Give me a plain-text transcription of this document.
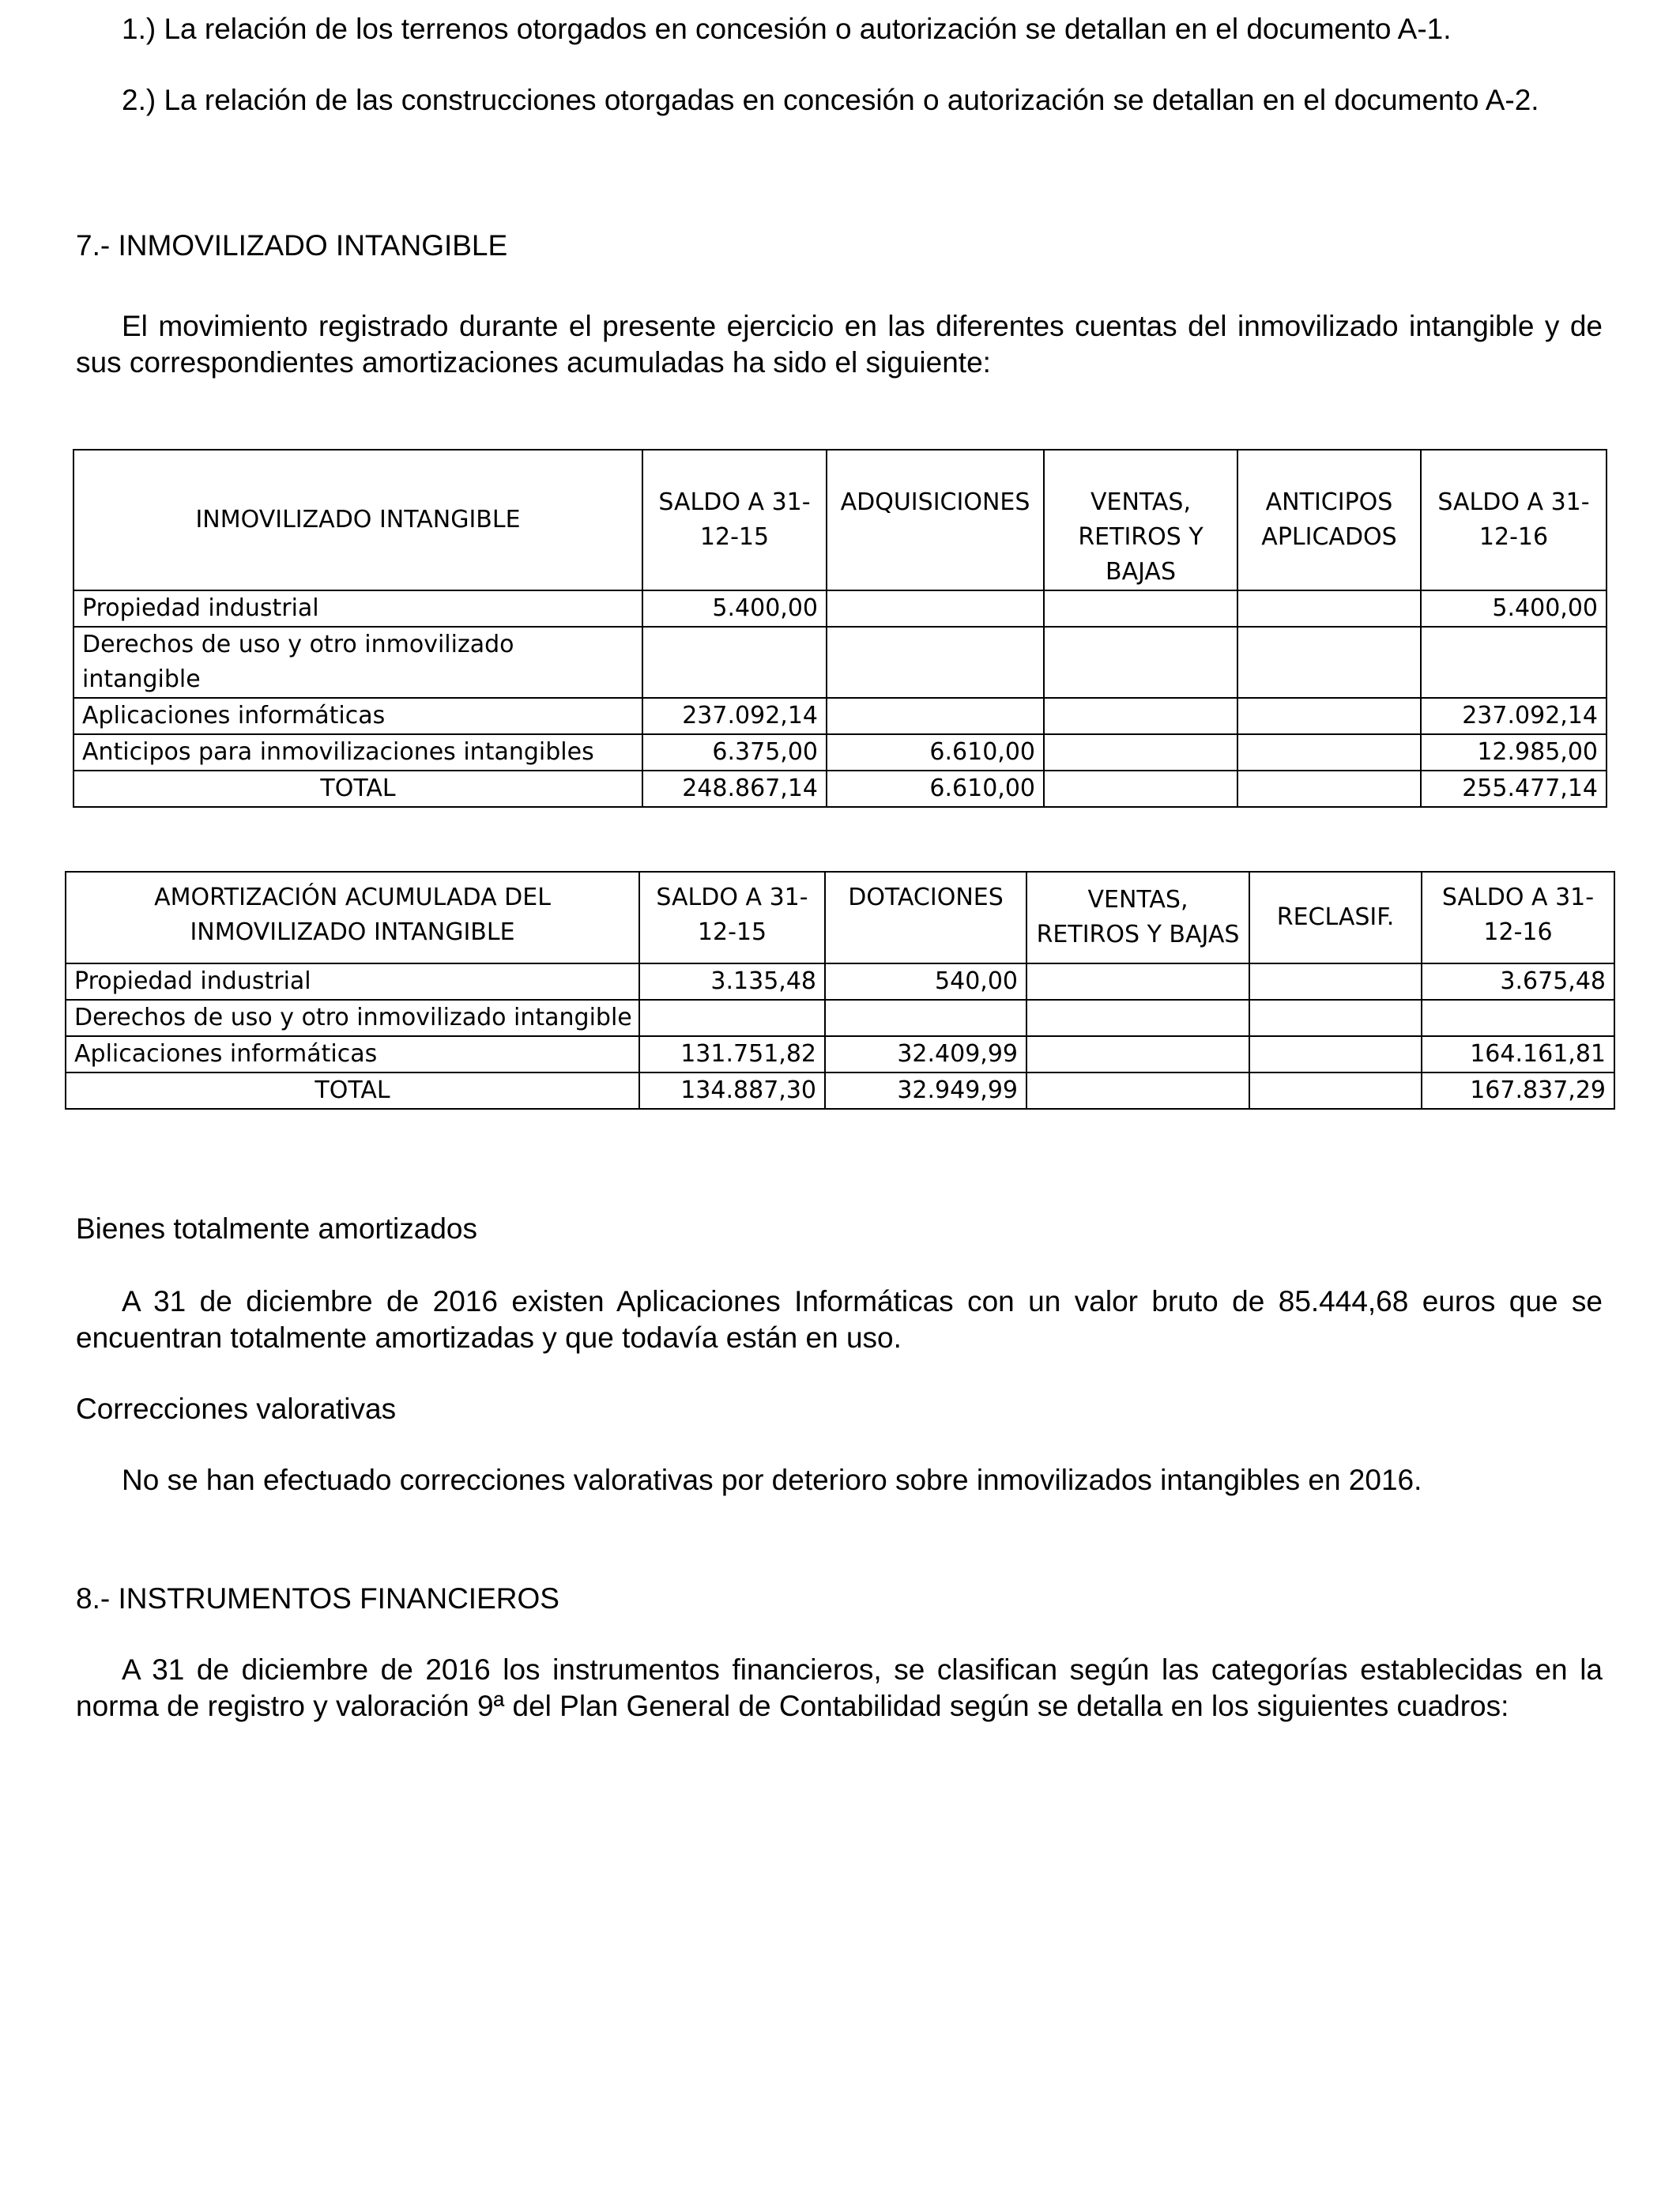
1.) La relación de los terrenos otorgados en concesión o autorización se detallan en el documento A-1.

2.) La relación de las construcciones otorgadas en concesión o autorización se detallan en el documento A-2.

7.- INMOVILIZADO INTANGIBLE

El movimiento registrado durante el presente ejercicio en las diferentes cuentas del inmovilizado intangible y de sus correspondientes amortizaciones acumuladas ha sido el siguiente:

INMOVILIZADO INTANGIBLE	SALDO A 31-12-15	ADQUISICIONES	VENTAS, RETIROS Y BAJAS	ANTICIPOS APLICADOS	SALDO A 31-12-16
Propiedad industrial	5.400,00				5.400,00
Derechos de uso y otro inmovilizado intangible					
Aplicaciones informáticas	237.092,14				237.092,14
Anticipos para inmovilizaciones intangibles	6.375,00	6.610,00			12.985,00
TOTAL	248.867,14	6.610,00			255.477,14
AMORTIZACIÓN ACUMULADA DEL INMOVILIZADO INTANGIBLE	SALDO A 31-12-15	DOTACIONES	VENTAS, RETIROS Y BAJAS	RECLASIF.	SALDO A 31-12-16
Propiedad industrial	3.135,48	540,00			3.675,48
Derechos de uso y otro inmovilizado intangible					
Aplicaciones informáticas	131.751,82	32.409,99			164.161,81
TOTAL	134.887,30	32.949,99			167.837,29

Bienes totalmente amortizados

A 31 de diciembre de 2016 existen Aplicaciones Informáticas con un valor bruto de 85.444,68 euros que se encuentran totalmente amortizadas y que todavía están en uso.

Correcciones valorativas

No se han efectuado correcciones valorativas por deterioro sobre inmovilizados intangibles en 2016.

8.- INSTRUMENTOS FINANCIEROS

A 31 de diciembre de 2016 los instrumentos financieros, se clasifican según las categorías establecidas en la norma de registro y valoración 9ª del Plan General de Contabilidad según se detalla en los siguientes cuadros:
